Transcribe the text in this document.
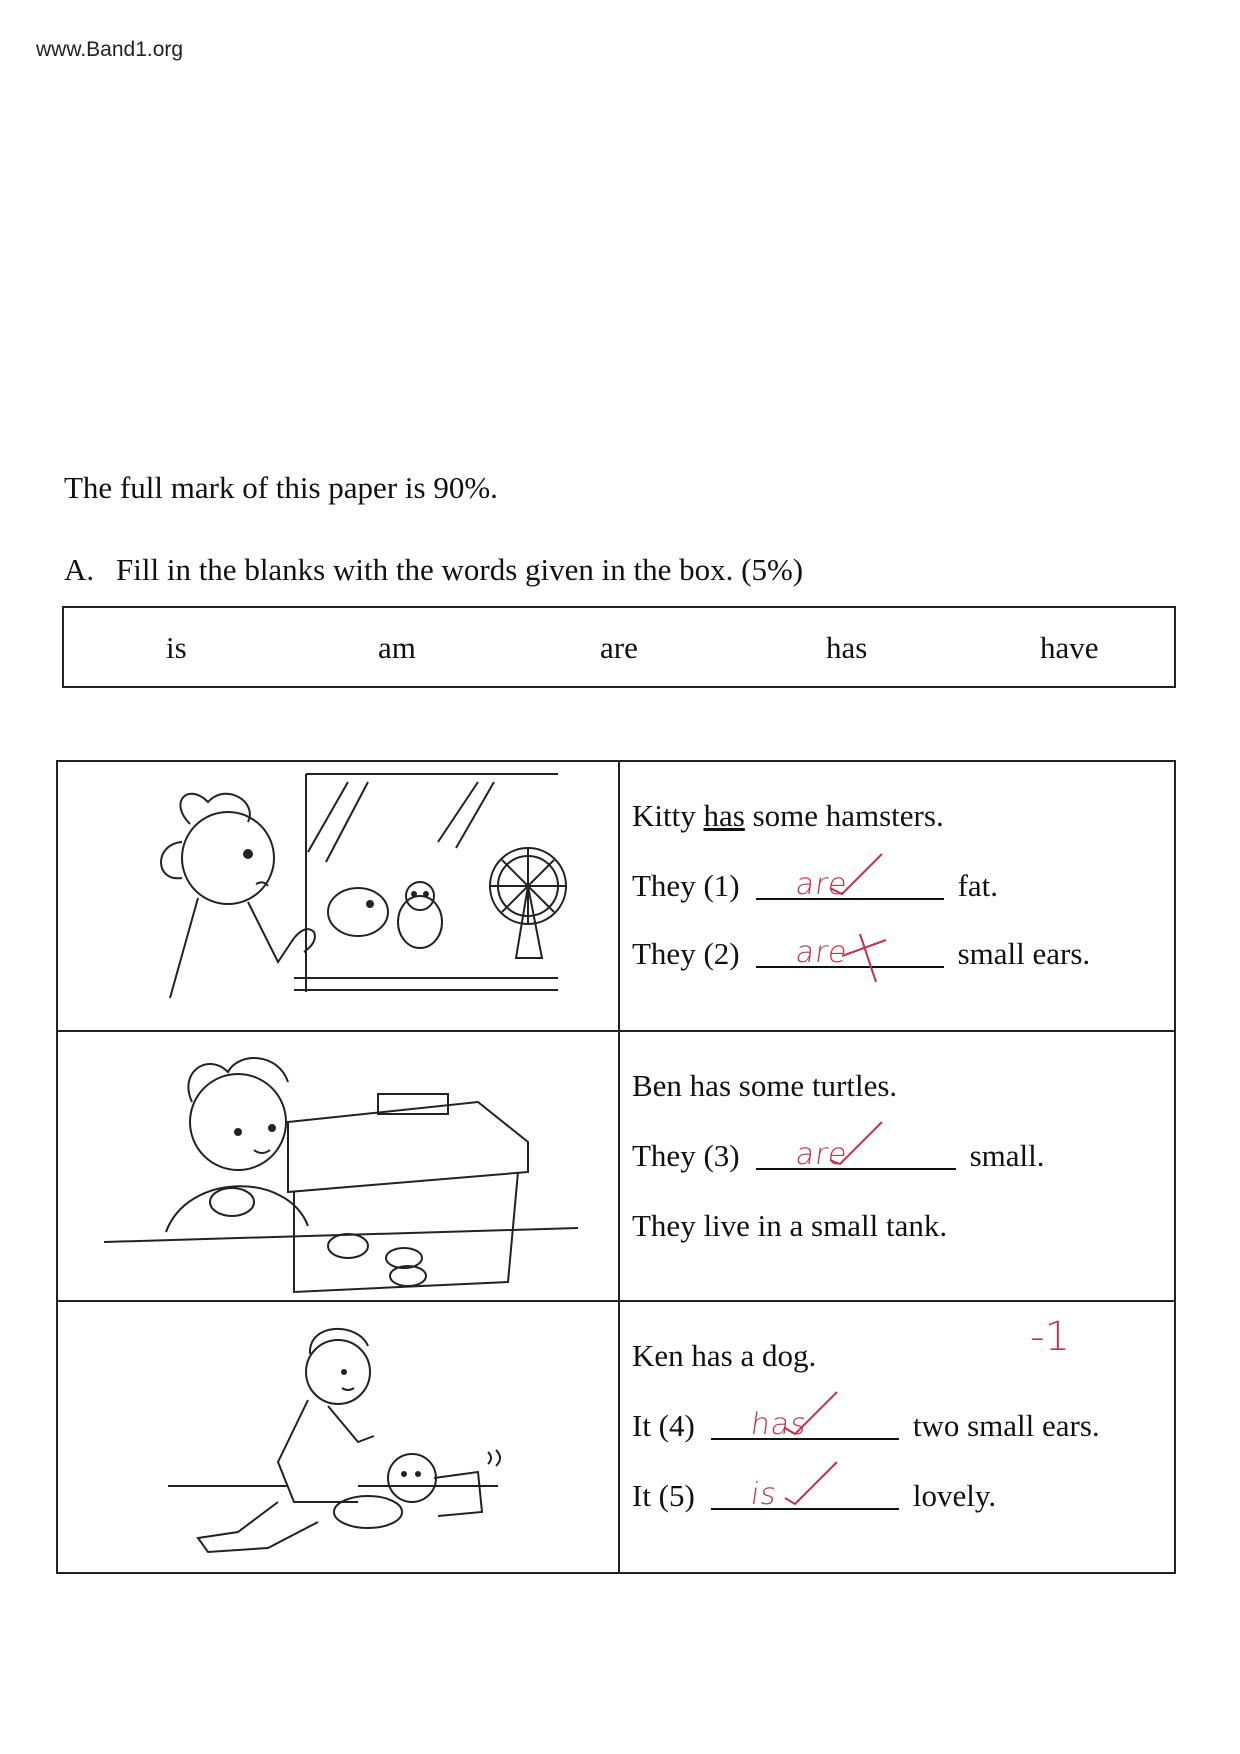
www.Band1.org
The full mark of this paper is 90%.
A. Fill in the blanks with the words given in the box. (5%)
is	am	are	has	have
Kitty has some hamsters.
They (1) are	fat.
They (2) are	small ears.
Ben has some turtles.
They (3) are	small.
They live in a small tank.
Ken has a dog.	-1
It (4) has	two small ears.
It (5) is	lovely.
